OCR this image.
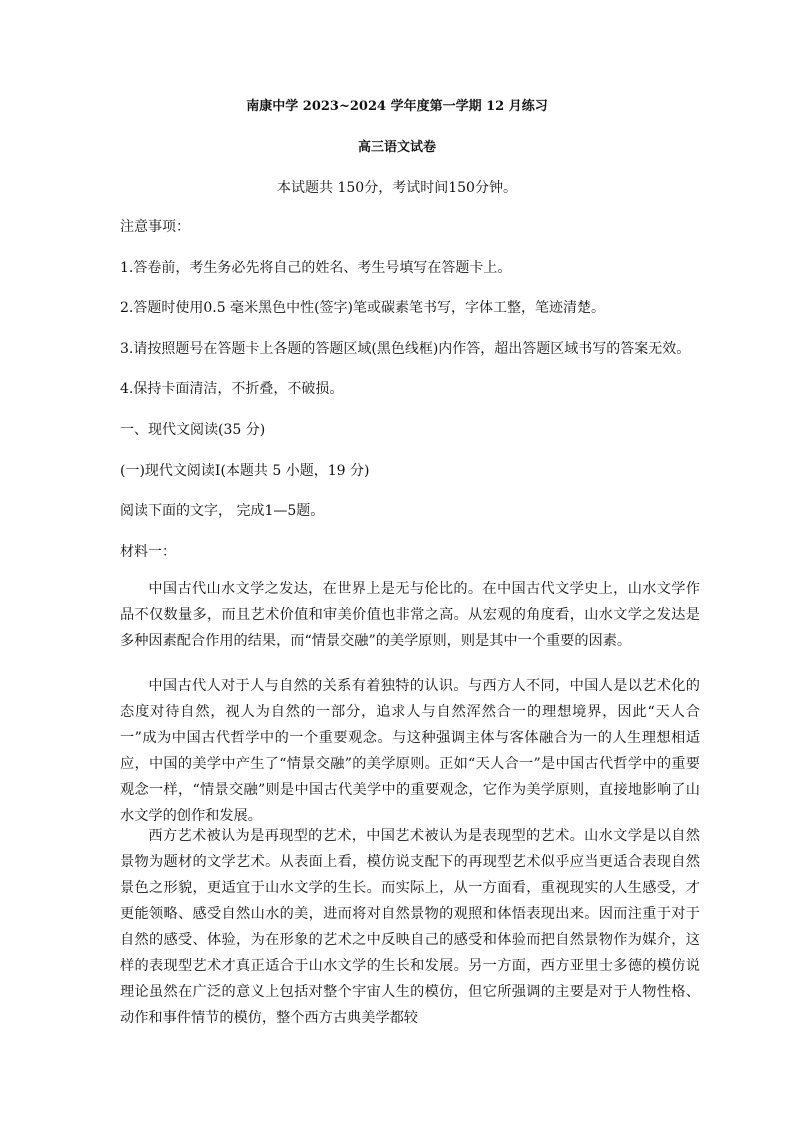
南康中学 2023~2024 学年度第一学期 12 月练习
高三语文试卷
本试题共 150分，考试时间150分钟。
注意事项：
1.答卷前，考生务必先将自己的姓名、考生号填写在答题卡上。
2.答题时使用0.5 毫米黑色中性(签字)笔或碳素笔书写，字体工整，笔迹清楚。
3.请按照题号在答题卡上各题的答题区域(黑色线框)内作答，超出答题区域书写的答案无效。
4.保持卡面清洁，不折叠，不破损。
一、现代文阅读(35 分)
(一)现代文阅读Ⅰ(本题共 5 小题，19 分)
阅读下面的文字， 完成1—5题。
材料一：

中国古代山水文学之发达，在世界上是无与伦比的。在中国古代文学史上，山水文学作品不仅数量多，而且艺术价值和审美价值也非常之高。从宏观的角度看，山水文学之发达是多种因素配合作用的结果，而“情景交融”的美学原则，则是其中一个重要的因素。

中国古代人对于人与自然的关系有着独特的认识。与西方人不同，中国人是以艺术化的态度对待自然，视人为自然的一部分，追求人与自然浑然合一的理想境界，因此“天人合一”成为中国古代哲学中的一个重要观念。与这种强调主体与客体融合为一的人生理想相适应，中国的美学中产生了“情景交融”的美学原则。正如“天人合一”是中国古代哲学中的重要观念一样，“情景交融”则是中国古代美学中的重要观念，它作为美学原则，直接地影响了山水文学的创作和发展。

西方艺术被认为是再现型的艺术，中国艺术被认为是表现型的艺术。山水文学是以自然景物为题材的文学艺术。从表面上看，模仿说支配下的再现型艺术似乎应当更适合表现自然景色之形貌，更适宜于山水文学的生长。而实际上，从一方面看，重视现实的人生感受，才更能领略、感受自然山水的美，进而将对自然景物的观照和体悟表现出来。因而注重于对于自然的感受、体验，为在形象的艺术之中反映自己的感受和体验而把自然景物作为媒介，这样的表现型艺术才真正适合于山水文学的生长和发展。另一方面，西方亚里士多德的模仿说理论虽然在广泛的意义上包括对整个宇宙人生的模仿，但它所强调的主要是对于人物性格、动作和事件情节的模仿，整个西方古典美学都较
